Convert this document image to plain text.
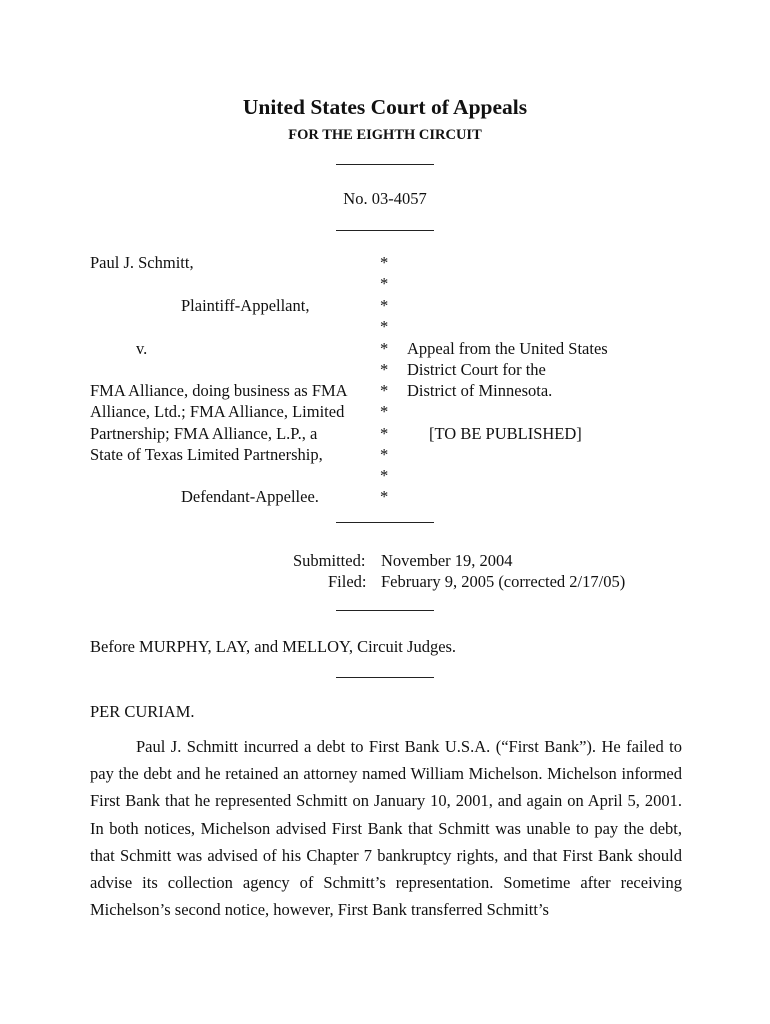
United States Court of Appeals
FOR THE EIGHTH CIRCUIT
No. 03-4057
Paul J. Schmitt,
Plaintiff-Appellant,
v.
FMA Alliance, doing business as FMA
Alliance, Ltd.; FMA Alliance, Limited
Partnership; FMA Alliance, L.P., a
State of Texas Limited Partnership,
Defendant-Appellee.
*
*
*
*
*
*
*
*
*
*
*
*
Appeal from the United States
District Court for the
District of Minnesota.
[TO BE PUBLISHED]
Submitted: November 19, 2004
Filed: February 9, 2005 (corrected 2/17/05)
Before MURPHY, LAY, and MELLOY, Circuit Judges.
PER CURIAM.
Paul J. Schmitt incurred a debt to First Bank U.S.A. (“First Bank”). He failed to pay the debt and he retained an attorney named William Michelson. Michelson informed First Bank that he represented Schmitt on January 10, 2001, and again on April 5, 2001. In both notices, Michelson advised First Bank that Schmitt was unable to pay the debt, that Schmitt was advised of his Chapter 7 bankruptcy rights, and that First Bank should advise its collection agency of Schmitt’s representation. Sometime after receiving Michelson’s second notice, however, First Bank transferred Schmitt’s
